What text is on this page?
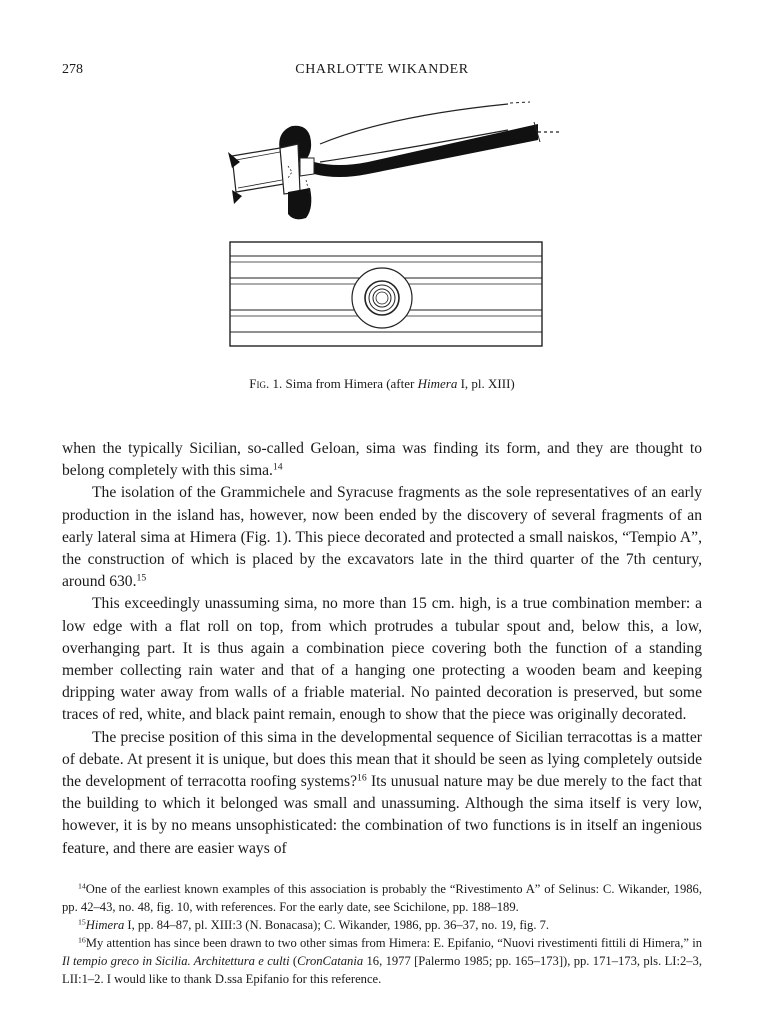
278	CHARLOTTE WIKANDER
Fig. 1. Sima from Himera (after Himera I, pl. XIII)

when the typically Sicilian, so-called Geloan, sima was finding its form, and they are thought to belong completely with this sima.$^{14}$

The isolation of the Grammichele and Syracuse fragments as the sole representatives of an early production in the island has, however, now been ended by the discovery of several fragments of an early lateral sima at Himera (Fig. 1). This piece decorated and protected a small naiskos, “Tempio A”, the construction of which is placed by the excavators late in the third quarter of the 7th century, around 630.15

This exceedingly unassuming sima, no more than 15 cm. high, is a true combination member: a low edge with a flat roll on top, from which protrudes a tubular spout and, below this, a low, overhanging part. It is thus again a combination piece covering both the function of a standing member collecting rain water and that of a hanging one protecting a wooden beam and keeping dripping water away from walls of a friable material. No painted decoration is preserved, but some traces of red, white, and black paint remain, enough to show that the piece was originally decorated.

The precise position of this sima in the developmental sequence of Sicilian terracottas is a matter of debate. At present it is unique, but does this mean that it should be seen as lying completely outside the development of terracotta roofing systems?$^{16}$ Its unusual nature may be due merely to the fact that the building to which it belonged was small and unassuming. Although the sima itself is very low, however, it is by no means unsophisticated: the combination of two functions is in itself an ingenious feature, and there are easier ways of

$^{14}$One of the earliest known examples of this association is probably the “Rivestimento A” of Selinus: C. Wikander, 1986, pp. 42–43, no. 48, fig. 10, with references. For the early date, see Scichilone, pp. 188–189.

$^{15}$Himera I, pp. 84–87, pl. XIII:3 (N. Bonacasa); C. Wikander, 1986, pp. 36–37, no. 19, fig. 7.

$^{16}$My attention has since been drawn to two other simas from Himera: E. Epifanio, “Nuovi rivestimenti fittili di Himera,” in Il tempio greco in Sicilia. Architettura e culti (CronCatania 16, 1977 [Palermo 1985; pp. 165–173]), pp. 171–173, pls. LI:2–3, LII:1–2. I would like to thank D.ssa Epifanio for this reference.
